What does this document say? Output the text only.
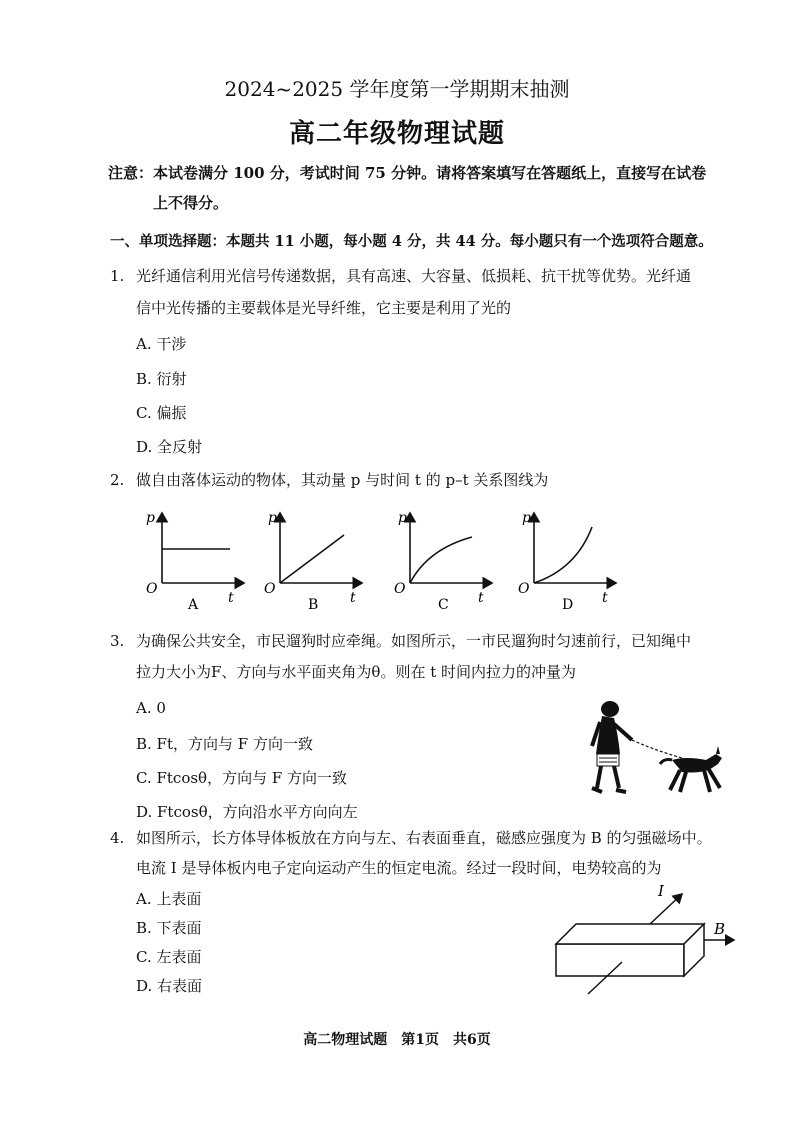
2024~2025 学年度第一学期期末抽测
高二年级物理试题
注意：本试卷满分 100 分，考试时间 75 分钟。请将答案填写在答题纸上，直接写在试卷
上不得分。
一、单项选择题：本题共 11 小题，每小题 4 分，共 44 分。每小题只有一个选项符合题意。
1. 光纤通信利用光信号传递数据，具有高速、大容量、低损耗、抗干扰等优势。光纤通
信中光传播的主要载体是光导纤维，它主要是利用了光的
A. 干涉
B. 衍射
C. 偏振
D. 全反射
2. 做自由落体运动的物体，其动量 p 与时间 t 的 p–t 关系图线为
p
O
t
A
p
O
t
B
p
O
t
C
p
O
t
D
3. 为确保公共安全，市民遛狗时应牵绳。如图所示，一市民遛狗时匀速前行，已知绳中
拉力大小为F、方向与水平面夹角为θ。则在 t 时间内拉力的冲量为
A. 0
B. Ft，方向与 F 方向一致
C. Ftcosθ，方向与 F 方向一致
D. Ftcosθ，方向沿水平方向向左
4. 如图所示，长方体导体板放在方向与左、右表面垂直，磁感应强度为 B 的匀强磁场中。
电流 I 是导体板内电子定向运动产生的恒定电流。经过一段时间，电势较高的为
A. 上表面
B. 下表面
C. 左表面
D. 右表面
I
B
高二物理试题　第1页　共6页
